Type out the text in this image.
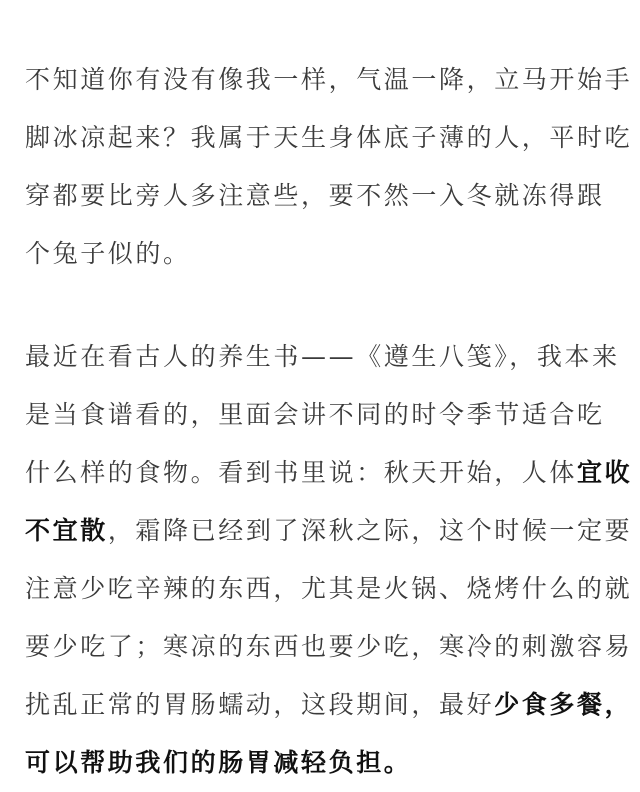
不知道你有没有像我一样，气温一降，立马开始手
脚冰凉起来？我属于天生身体底子薄的人，平时吃
穿都要比旁人多注意些，要不然一入冬就冻得跟
个兔子似的。

最近在看古人的养生书——《遵生八笺》，我本来
是当食谱看的，里面会讲不同的时令季节适合吃
什么样的食物。看到书里说：秋天开始，人体宜收
不宜散，霜降已经到了深秋之际，这个时候一定要
注意少吃辛辣的东西，尤其是火锅、烧烤什么的就
要少吃了；寒凉的东西也要少吃，寒冷的刺激容易
扰乱正常的胃肠蠕动，这段期间，最好少食多餐，
可以帮助我们的肠胃减轻负担。
